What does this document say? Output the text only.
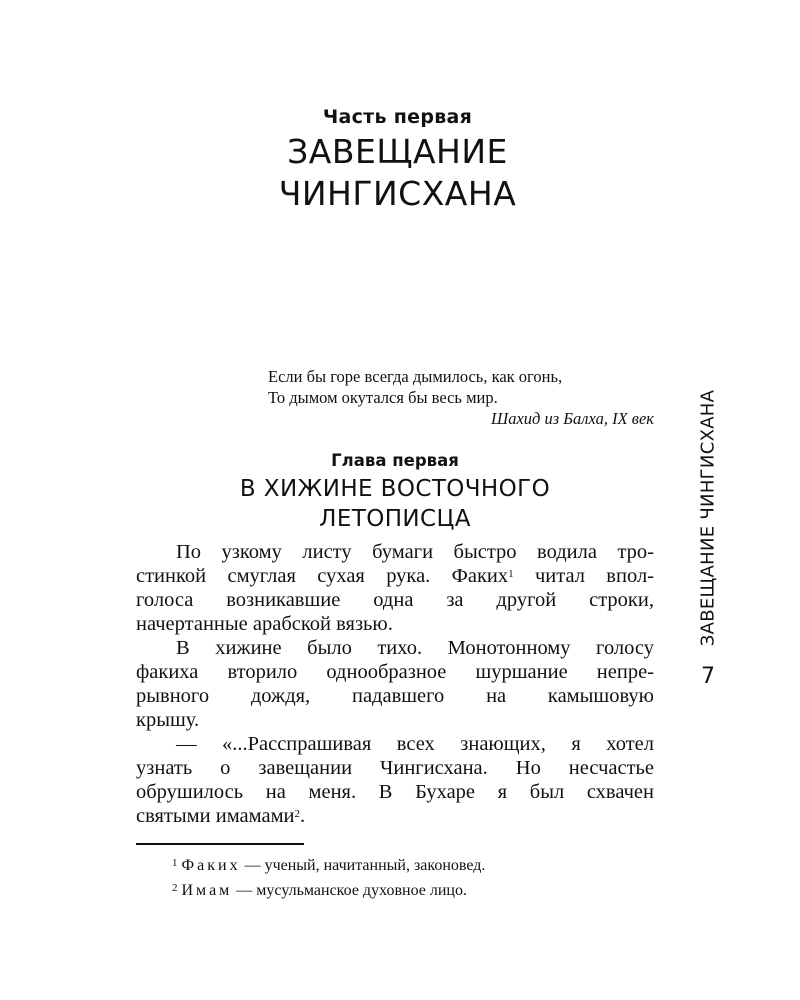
Часть первая
ЗАВЕЩАНИЕ
ЧИНГИСХАНА
Если бы горе всегда дымилось, как огонь,
То дымом окутался бы весь мир.
Шахид из Балха, IX век
Глава первая
В ХИЖИНЕ ВОСТОЧНОГО
ЛЕТОПИСЦА
По узкому листу бумаги быстро водила тро-
стинкой смуглая сухая рука. Факих$^1$ читал впол-
голоса возникавшие одна за другой строки,
начертанные арабской вязью.
В хижине было тихо. Монотонному голосу
факиха вторило однообразное шуршание непре-
рывного дождя, падавшего на камышовую
крышу.
— «...Расспрашивая всех знающих, я хотел
узнать о завещании Чингисхана. Но несчастье
обрушилось на меня. В Бухаре я был схвачен
святыми имамами$^2$.
$^1$ Факих — ученый, начитанный, законовед.
$^2$ Имам — мусульманское духовное лицо.
ЗАВЕЩАНИЕ ЧИНГИСХАНА
7
